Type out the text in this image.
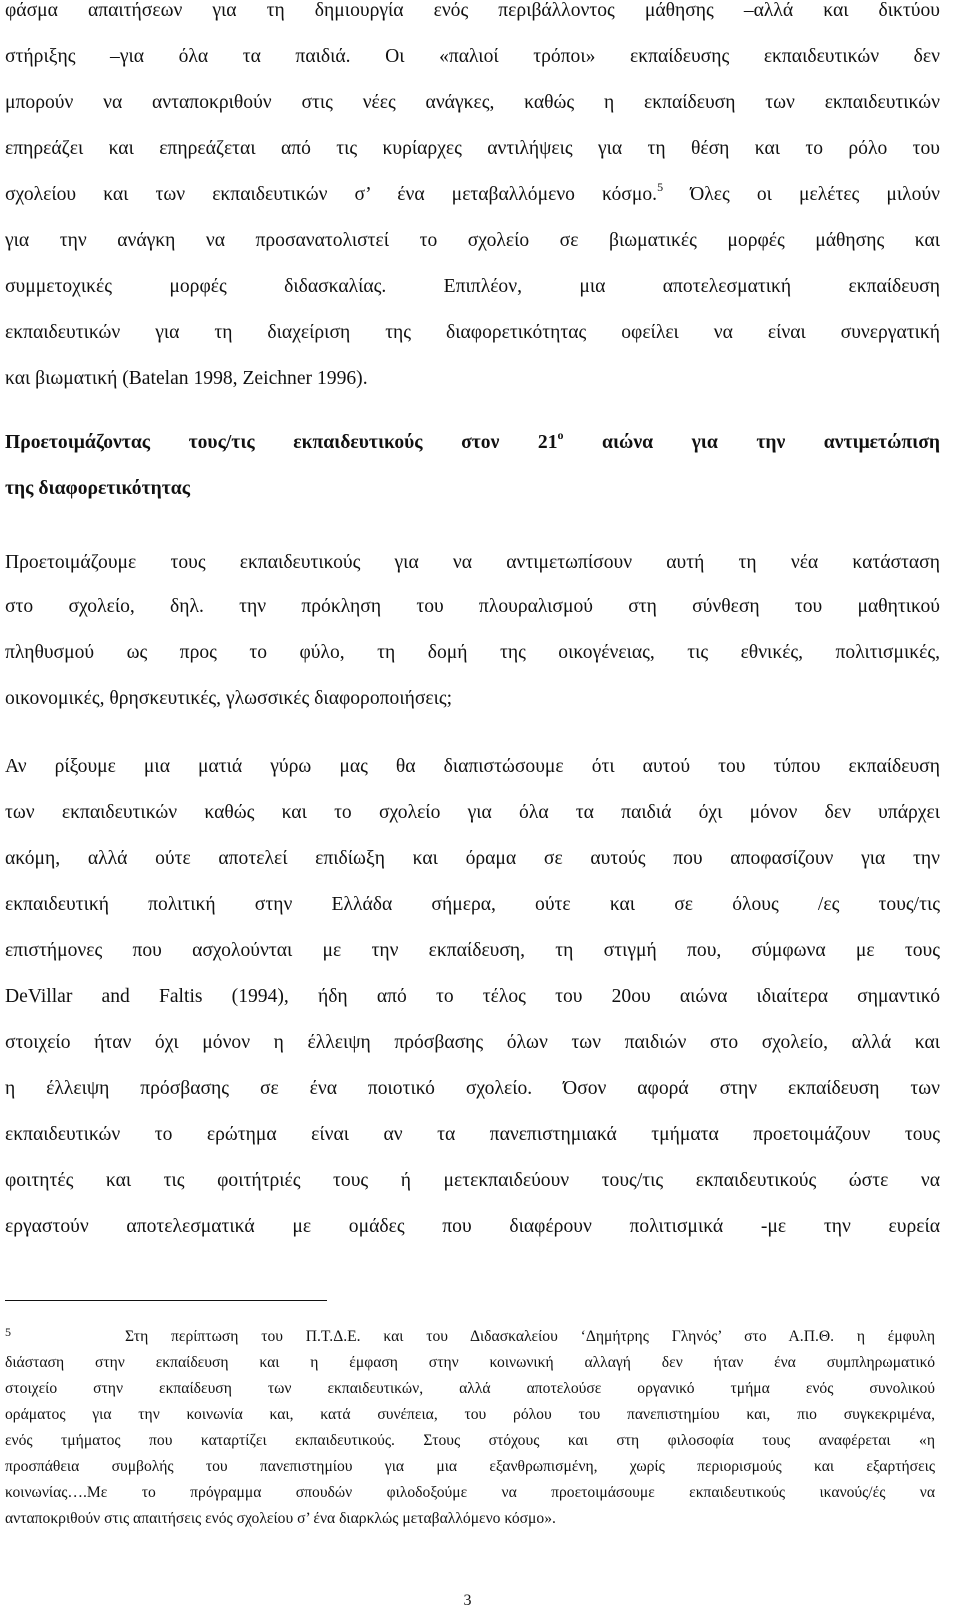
φάσμα απαιτήσεων για τη δημιουργία ενός περιβάλλοντος μάθησης –αλλά και δικτύου
στήριξης –για όλα τα παιδιά. Οι «παλιοί τρόποι» εκπαίδευσης εκπαιδευτικών δεν
μπορούν να ανταποκριθούν στις νέες ανάγκες, καθώς η εκπαίδευση των εκπαιδευτικών
επηρεάζει και επηρεάζεται από τις κυρίαρχες αντιλήψεις για τη θέση και το ρόλο του
σχολείου και των εκπαιδευτικών σ’ ένα μεταβαλλόμενο κόσμο.$^5$ Όλες οι μελέτες μιλούν
για την ανάγκη να προσανατολιστεί το σχολείο σε βιωματικές μορφές μάθησης και
συμμετοχικές μορφές διδασκαλίας. Επιπλέον, μια αποτελεσματική εκπαίδευση
εκπαιδευτικών για τη διαχείριση της διαφορετικότητας οφείλει να είναι συνεργατική
και βιωματική (Batelan 1998, Zeichner 1996).
Προετοιμάζοντας τους/τις εκπαιδευτικούς στον $21^o$ αιώνα για την αντιμετώπιση
της διαφορετικότητας
Προετοιμάζουμε τους εκπαιδευτικούς για να αντιμετωπίσουν αυτή τη νέα κατάσταση
στο σχολείο, δηλ. την πρόκληση του πλουραλισμού στη σύνθεση του μαθητικού
πληθυσμού ως προς το φύλο, τη δομή της οικογένειας, τις εθνικές, πολιτισμικές,
οικονομικές, θρησκευτικές, γλωσσικές διαφοροποιήσεις;
Αν ρίξουμε μια ματιά γύρω μας θα διαπιστώσουμε ότι αυτού του τύπου εκπαίδευση
των εκπαιδευτικών καθώς και το σχολείο για όλα τα παιδιά όχι μόνον δεν υπάρχει
ακόμη, αλλά ούτε αποτελεί επιδίωξη και όραμα σε αυτούς που αποφασίζουν για την
εκπαιδευτική πολιτική στην Ελλάδα σήμερα, ούτε και σε όλους /ες τους/τις
επιστήμονες που ασχολούνται με την εκπαίδευση, τη στιγμή που, σύμφωνα με τους
DeVillar and Faltis (1994), ήδη από το τέλος του 20ου αιώνα ιδιαίτερα σημαντικό
στοιχείο ήταν όχι μόνον η έλλειψη πρόσβασης όλων των παιδιών στο σχολείο, αλλά και
η έλλειψη πρόσβασης σε ένα ποιοτικό σχολείο. Όσον αφορά στην εκπαίδευση των
εκπαιδευτικών το ερώτημα είναι αν τα πανεπιστημιακά τμήματα προετοιμάζουν τους
φοιτητές και τις φοιτήτριές τους ή μετεκπαιδεύουν τους/τις εκπαιδευτικούς ώστε να
εργαστούν αποτελεσματικά με ομάδες που διαφέρουν πολιτισμικά -με την ευρεία
$^5$	Στη περίπτωση του Π.Τ.Δ.Ε. και του Διδασκαλείου ‘Δημήτρης Γληνός’ στο Α.Π.Θ. η έμφυλη
διάσταση στην εκπαίδευση και η έμφαση στην κοινωνική αλλαγή δεν ήταν ένα συμπληρωματικό
στοιχείο στην εκπαίδευση των εκπαιδευτικών, αλλά αποτελούσε οργανικό τμήμα ενός συνολικού
οράματος για την κοινωνία και, κατά συνέπεια, του ρόλου του πανεπιστημίου και, πιο συγκεκριμένα,
ενός τμήματος που καταρτίζει εκπαιδευτικούς. Στους στόχους και στη φιλοσοφία τους αναφέρεται «η
προσπάθεια συμβολής του πανεπιστημίου για μια εξανθρωπισμένη, χωρίς περιορισμούς και εξαρτήσεις
κοινωνίας….Με το πρόγραμμα σπουδών φιλοδοξούμε να προετοιμάσουμε εκπαιδευτικούς ικανούς/ές να
ανταποκριθούν στις απαιτήσεις ενός σχολείου σ’ ένα διαρκλώς μεταβαλλόμενο κόσμο».
3
